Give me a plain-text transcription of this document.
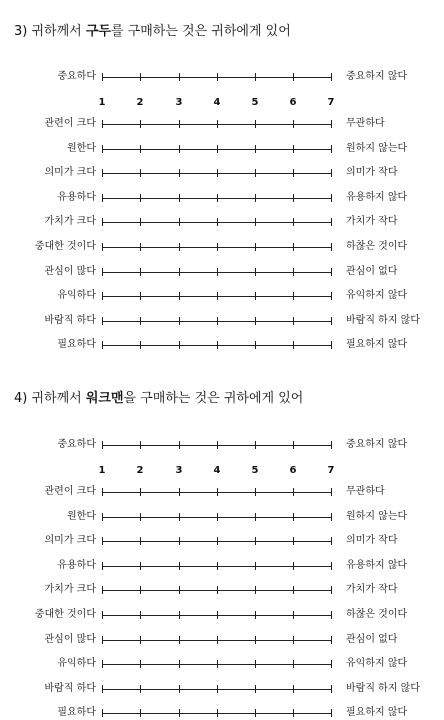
3) 귀하께서 구두를 구매하는 것은 귀하에게 있어
중요하다	중요하지 않다
1	2	3	4	5	6	7
관련이 크다	무관하다
원한다	원하지 않는다
의미가 크다	의미가 작다
유용하다	유용하지 않다
가치가 크다	가치가 작다
중대한 것이다	하찮은 것이다
관심이 많다	관심이 없다
유익하다	유익하지 않다
바람직 하다	바람직 하지 않다
필요하다	필요하지 않다
4) 귀하께서 워크맨을 구매하는 것은 귀하에게 있어
중요하다	중요하지 않다
1	2	3	4	5	6	7
관련이 크다	무관하다
원한다	원하지 않는다
의미가 크다	의미가 작다
유용하다	유용하지 않다
가치가 크다	가치가 작다
중대한 것이다	하찮은 것이다
관심이 많다	관심이 없다
유익하다	유익하지 않다
바람직 하다	바람직 하지 않다
필요하다	필요하지 않다
